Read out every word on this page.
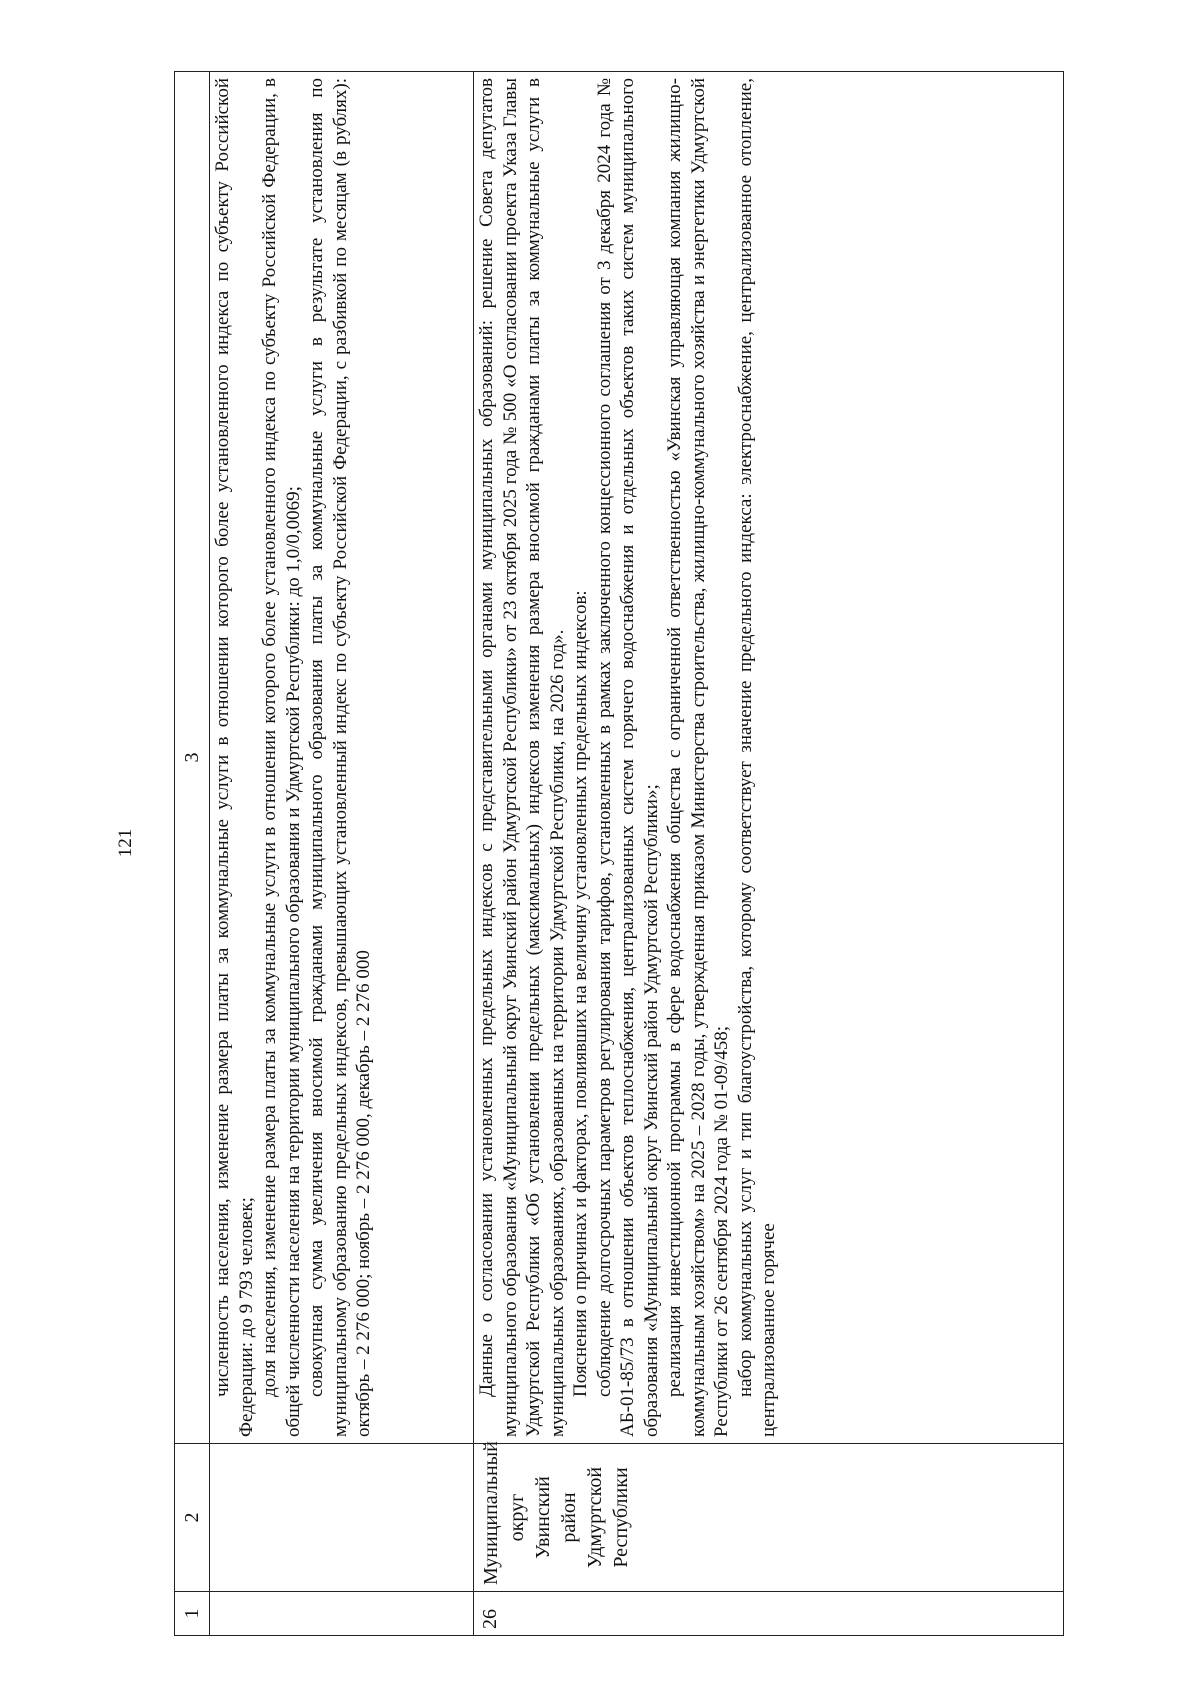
121
1	2	3

		численность населения, изменение размера платы за коммунальные услуги в отношении которого более установленного индекса по субъекту Российской Федерации: до 9 793 человек; доля населения, изменение размера платы за коммунальные услуги в отношении которого более установленного индекса по субъекту Российской Федерации, в общей численности населения на территории муниципального образования и Удмуртской Республики: до 1,0/0,0069; совокупная сумма увеличения вносимой гражданами муниципального образования платы за коммунальные услуги в результате установления по муниципальному образованию предельных индексов, превышающих установленный индекс по субъекту Российской Федерации, с разбивкой по месяцам (в рублях): октябрь – 2 276 000; ноябрь – 2 276 000, декабрь – 2 276 000

26	Муниципальный округ Увинский район Удмуртской Республики	Данные о согласовании установленных предельных индексов с представительными органами муниципальных образований: решение Совета депутатов муниципального образования «Муниципальный округ Увинский район Удмуртской Республики» от 23 октября 2025 года № 500 «О согласовании проекта Указа Главы Удмуртской Республики «Об установлении предельных (максимальных) индексов изменения размера вносимой гражданами платы за коммунальные услуги в муниципальных образованиях, образованных на территории Удмуртской Республики, на 2026 год». Пояснения о причинах и факторах, повлиявших на величину установленных предельных индексов: соблюдение долгосрочных параметров регулирования тарифов, установленных в рамках заключенного концессионного соглашения от 3 декабря 2024 года № АБ-01-85/73 в отношении объектов теплоснабжения, централизованных систем горячего водоснабжения и отдельных объектов таких систем муниципального образования «Муниципальный округ Увинский район Удмуртской Республики»; реализация инвестиционной программы в сфере водоснабжения общества с ограниченной ответственностью «Увинская управляющая компания жилищно-коммунальным хозяйством» на 2025 – 2028 годы, утвержденная приказом Министерства строительства, жилищно-коммунального хозяйства и энергетики Удмуртской Республики от 26 сентября 2024 года № 01-09/458; набор коммунальных услуг и тип благоустройства, которому соответствует значение предельного индекса: электроснабжение, централизованное отопление, централизованное горячее
